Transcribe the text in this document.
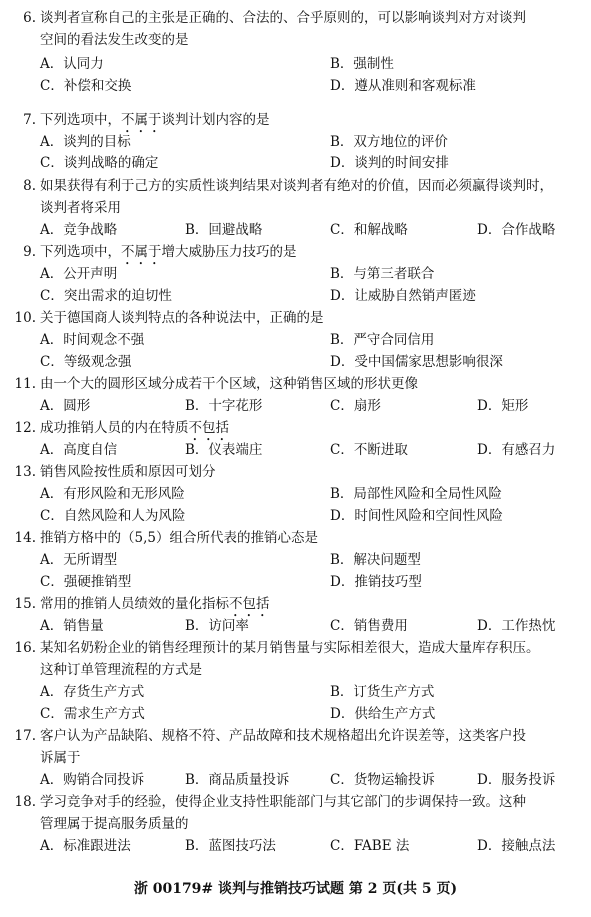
6. 谈判者宣称自己的主张是正确的、合法的、合乎原则的，可以影响谈判对方对谈判
空间的看法发生改变的是
A．认同力	B．强制性
C．补偿和交换	D．遵从准则和客观标准
7. 下列选项中，不属于谈判计划内容的是
A．谈判的目标	B．双方地位的评价
C．谈判战略的确定	D．谈判的时间安排
8. 如果获得有利于己方的实质性谈判结果对谈判者有绝对的价值，因而必须赢得谈判时，
谈判者将采用
A．竞争战略	B．回避战略	C．和解战略	D．合作战略
9. 下列选项中，不属于增大威胁压力技巧的是
A．公开声明	B．与第三者联合
C．突出需求的迫切性	D．让威胁自然销声匿迹
10. 关于德国商人谈判特点的各种说法中，正确的是
A．时间观念不强	B．严守合同信用
C．等级观念强	D．受中国儒家思想影响很深
11. 由一个大的圆形区域分成若干个区域，这种销售区域的形状更像
A．圆形	B．十字花形	C．扇形	D．矩形
12. 成功推销人员的内在特质不包括
A．高度自信	B．仪表端庄	C．不断进取	D．有感召力
13. 销售风险按性质和原因可划分
A．有形风险和无形风险	B．局部性风险和全局性风险
C．自然风险和人为风险	D．时间性风险和空间性风险
14. 推销方格中的（5,5）组合所代表的推销心态是
A．无所谓型	B．解决问题型
C．强硬推销型	D．推销技巧型
15. 常用的推销人员绩效的量化指标不包括
A．销售量	B．访问率	C．销售费用	D．工作热忱
16. 某知名奶粉企业的销售经理预计的某月销售量与实际相差很大，造成大量库存积压。
这种订单管理流程的方式是
A．存货生产方式	B．订货生产方式
C．需求生产方式	D．供给生产方式
17. 客户认为产品缺陷、规格不符、产品故障和技术规格超出允许误差等，这类客户投
诉属于
A．购销合同投诉	B．商品质量投诉	C．货物运输投诉	D．服务投诉
18. 学习竞争对手的经验，使得企业支持性职能部门与其它部门的步调保持一致。这种
管理属于提高服务质量的
A．标准跟进法	B．蓝图技巧法	C．FABE 法	D．接触点法
浙 00179# 谈判与推销技巧试题 第 2 页(共 5 页)
